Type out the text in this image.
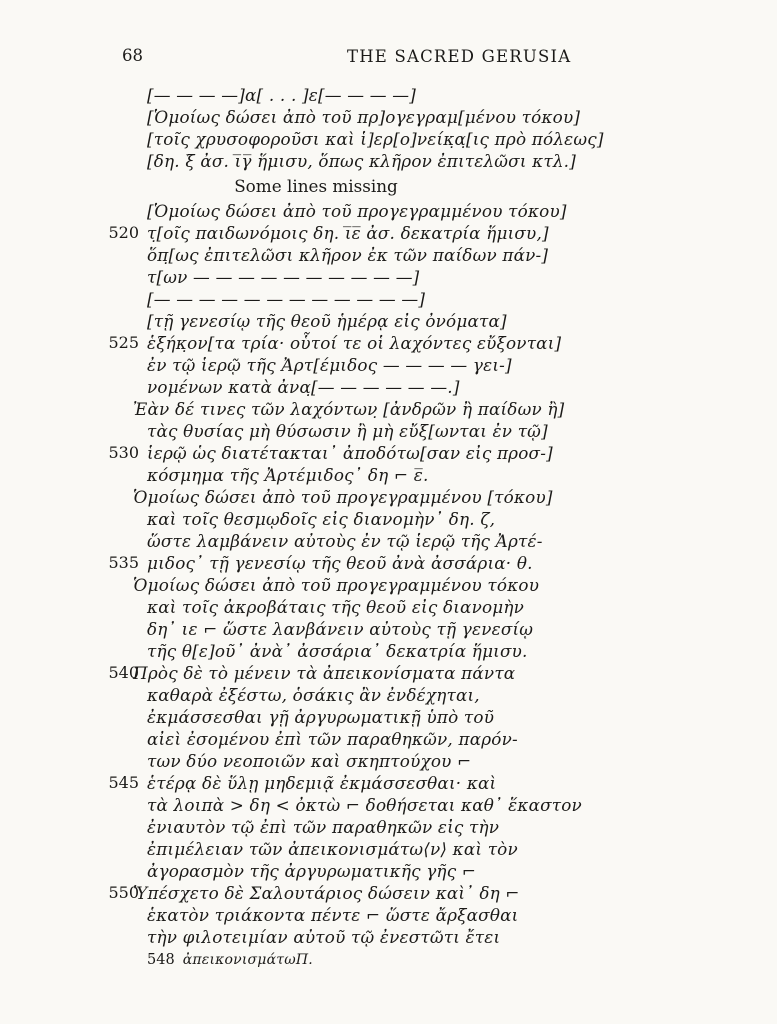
68	THE SACRED GERUSIA
[— — — —]α[ . . . ]ε[— — — —]
[Ὁμοίως δώσει ἀπὸ τοῦ πρ]ογεγραμ[μένου τόκου]
[τοῖς χρυσοφοροῦσι καὶ ἱ]ερ[ο]νείκ̣α̣[ις πρὸ πόλεως]
[δη. ξ̅ ἀσ. ι̅γ̅ ἥμισυ, ὅπως κλῆρον ἐπιτελῶσι κτλ.]
Some lines missing
[Ὁμοίως δώσει ἀπὸ τοῦ προγεγραμμένου τόκου]
520 τ̣[οῖς παιδωνόμοις δη. ι̅ε̅ ἀσ. δεκατρία ἥμισυ,]
ὅπ̣[ως ἐπιτελῶσι κλῆρον ἐκ τῶν παίδων πάν-]
τ[ων — — — — — — — — — —]
[— — — — — — — — — — — —]
[τῇ γενεσίῳ τῆς θεοῦ ἡμέρᾳ εἰς ὀνόματα]
525 ἑξήκ̣ον[τα τρία· οὗτοί τε οἱ λαχόντες εὔξονται]
ἐν τῷ ἱερῷ τῆς Ἀρτ[έμιδος — — — — γει-]
νομένων κατὰ ἀνα̣[— — — — — —.]
Ἐὰν δέ τινες τῶν λαχόντων̣ [ἀνδρῶν ἢ παίδων ἢ]
τὰς θυσίας μὴ θύσωσιν ἢ μὴ εὔξ[ωνται ἐν τῷ]
530 ἱερῷ ὡς διατέτακται᾽ ἀποδότω[σαν εἰς προσ-]
κόσμημα τῆς Ἀρτέμιδος᾽ δη ⌐ ε̅.
Ὁμοίως δώσει ἀπὸ τοῦ προγεγραμμένου [τόκου]
καὶ τοῖς θεσμῳδοῖς εἰς διανομὴν᾽ δη. ζ,
ὥστε λαμβάνειν αὐτοὺς ἐν τῷ ἱερῷ τῆς Ἀρτέ-
535 μιδος᾽ τῇ γενεσίῳ τῆς θεοῦ ἀνὰ ἀσσάρια· θ.
Ὁμοίως δώσει ἀπὸ τοῦ προγεγραμμένου τόκου
καὶ τοῖς ἀκροβάταις τῆς θεοῦ εἰς διανομὴν
δη᾽ ιε ⌐ ὥστε λανβάνειν αὐτοὺς τῇ γενεσίῳ
τῆς θ[ε]οῦ᾽ ἀνὰ᾽ ἀσσάρια᾽ δεκατρία ἥμισυ.
540
Πρὸς δὲ τὸ μένειν τὰ ἀπεικονίσματα πάντα
καθαρὰ ἐξέστω, ὁσάκις ἂν ἐνδέχηται,
ἐκμάσσεσθαι γῇ ἀργυρωματικῇ ὑπὸ τοῦ
αἰεὶ ἐσομένου ἐπὶ τῶν παραθηκῶν, παρόν-
των δύο νεοποιῶν καὶ σκηπτούχου ⌐
545 ἑτέρᾳ δὲ ὕλῃ μηδεμιᾷ ἐκμάσσεσθαι· καὶ
τὰ λοιπὰ > δη < ὀκτὼ ⌐ δοθήσεται καθ᾽ ἕκαστον
ἐνιαυτὸν τῷ ἐπὶ τῶν παραθηκῶν εἰς τὴν
ἐπιμέλειαν τῶν ἀπεικονισμάτω⟨ν⟩ καὶ τὸν
ἀγορασμὸν τῆς ἀργυρωματικῆς γῆς ⌐
550
Ὑπέσχετο δὲ Σαλουτάριος δώσειν καὶ᾽ δη ⌐
ἑκατὸν τριάκοντα πέντε ⌐ ὥστε ἄρξασθαι
τὴν φιλοτειμίαν αὐτοῦ τῷ ἐνεστῶτι ἔτει
548 ἀπεικονισμάτωΠ.
